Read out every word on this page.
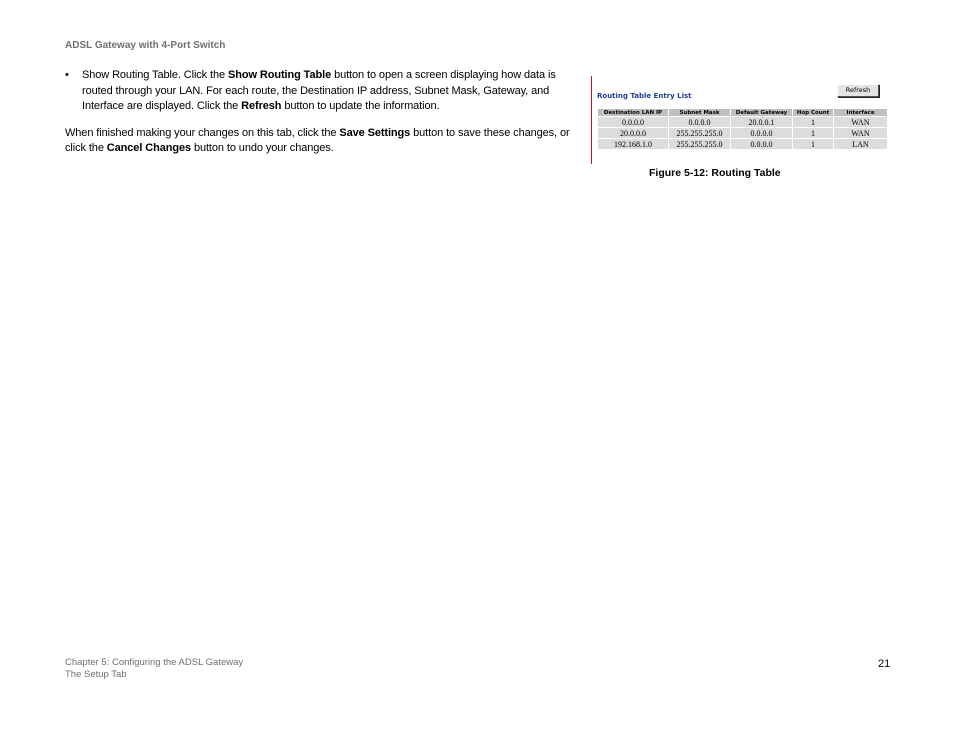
ADSL Gateway with 4-Port Switch

• Show Routing Table. Click the Show Routing Table button to open a screen displaying how data is routed through your LAN. For each route, the Destination IP address, Subnet Mask, Gateway, and Interface are displayed. Click the Refresh button to update the information.

When finished making your changes on this tab, click the Save Settings button to save these changes, or click the Cancel Changes button to undo your changes.

Routing Table Entry List
Refresh
Destination LAN IP	Subnet Mask	Default Gateway	Hop Count	Interface
0.0.0.0	0.0.0.0	20.0.0.1	1	WAN
20.0.0.0	255.255.255.0	0.0.0.0	1	WAN
192.168.1.0	255.255.255.0	0.0.0.0	1	LAN
Figure 5-12: Routing Table
Chapter 5: Configuring the ADSL Gateway
The Setup Tab
21
